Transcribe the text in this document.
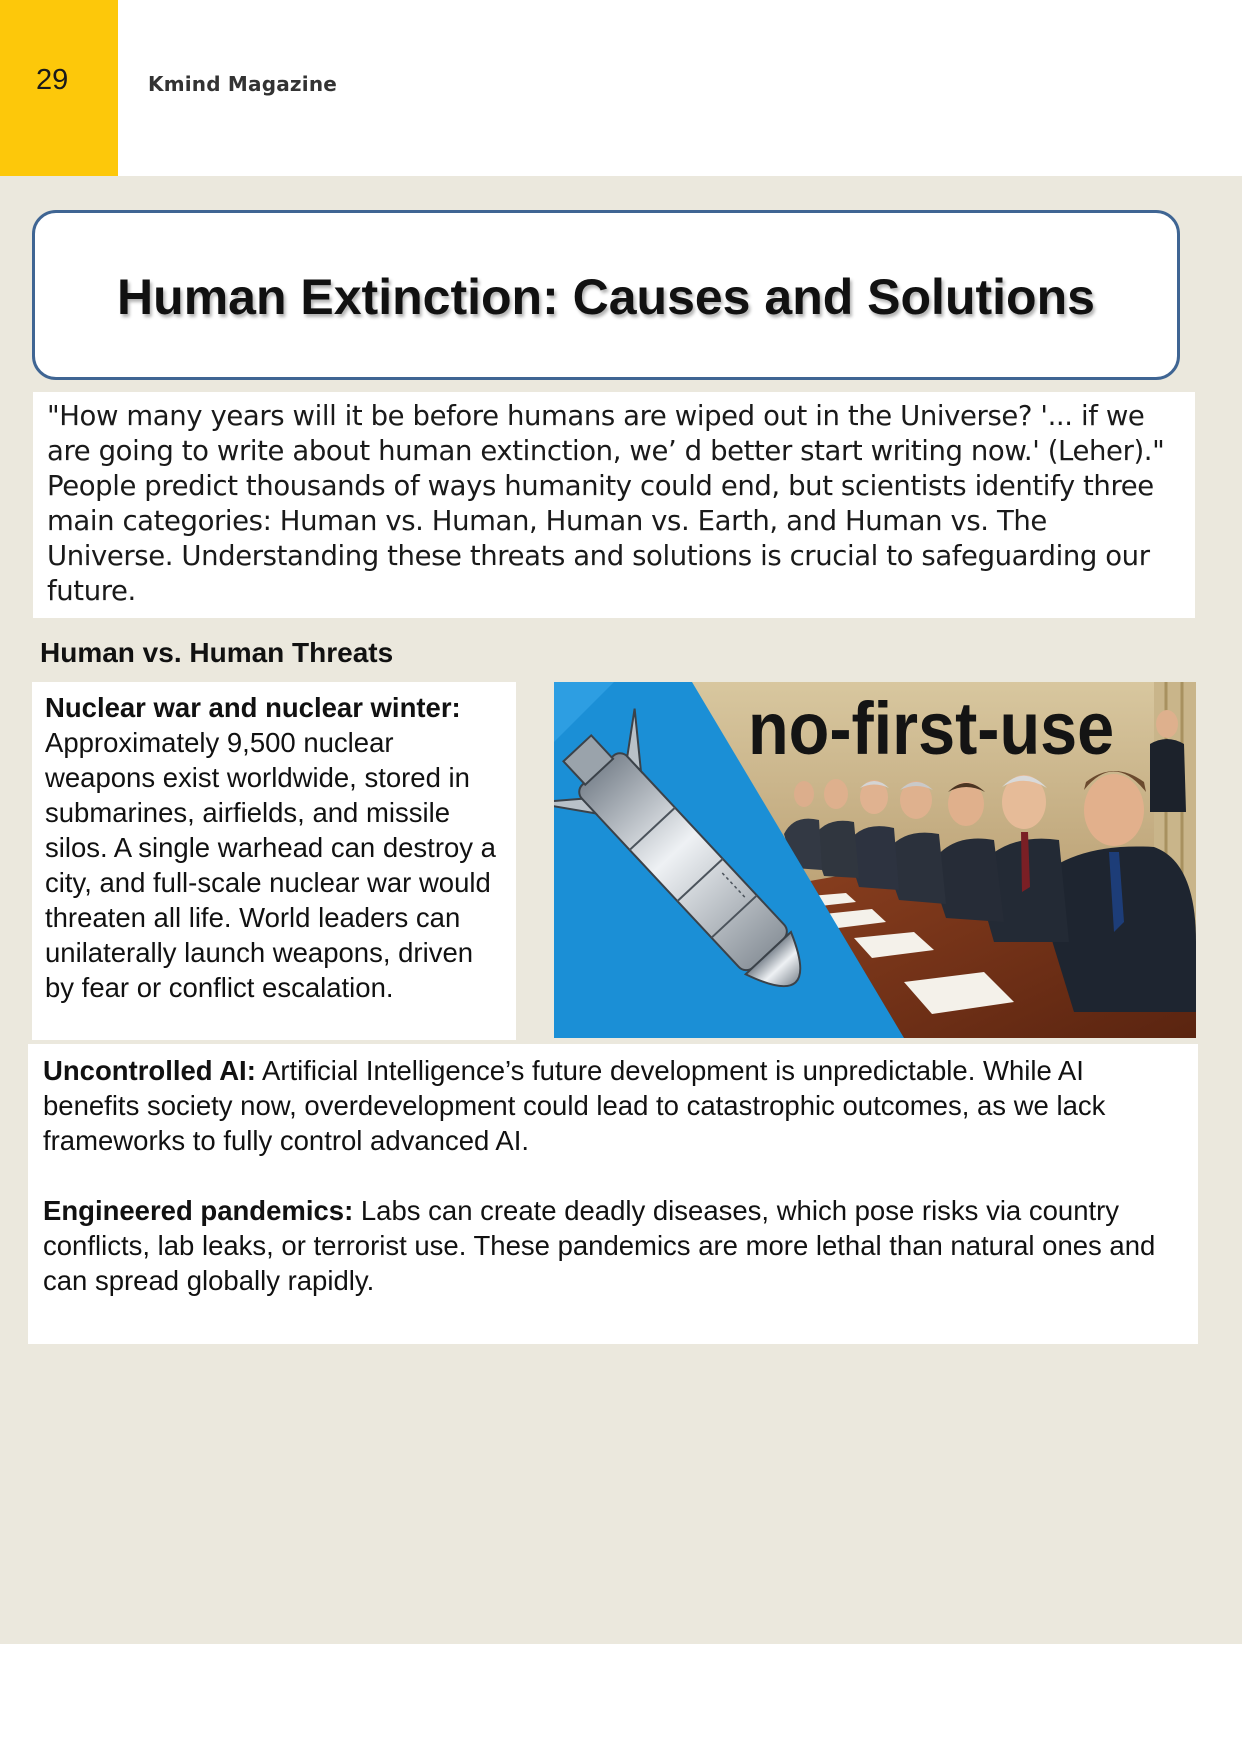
29	Kmind Magazine
Human Extinction: Causes and Solutions
"How many years will it be before humans are wiped out in the Universe? '... if we are going to write about human extinction, we’ d better start writing now.' (Leher)." People predict thousands of ways humanity could end, but scientists identify three main categories: Human vs. Human, Human vs. Earth, and Human vs. The Universe. Understanding these threats and solutions is crucial to safeguarding our future.
Human vs. Human Threats
Nuclear war and nuclear winter: Approximately 9,500 nuclear weapons exist worldwide, stored in submarines, airfields, and missile silos. A single warhead can destroy a city, and full-scale nuclear war would threaten all life. World leaders can unilaterally launch weapons, driven by fear or conflict escalation.
no-first-use

Uncontrolled AI: Artificial Intelligence’s future development is unpredictable. While AI benefits society now, overdevelopment could lead to catastrophic outcomes, as we lack frameworks to fully control advanced AI.

Engineered pandemics: Labs can create deadly diseases, which pose risks via country conflicts, lab leaks, or terrorist use. These pandemics are more lethal than natural ones and can spread globally rapidly.
